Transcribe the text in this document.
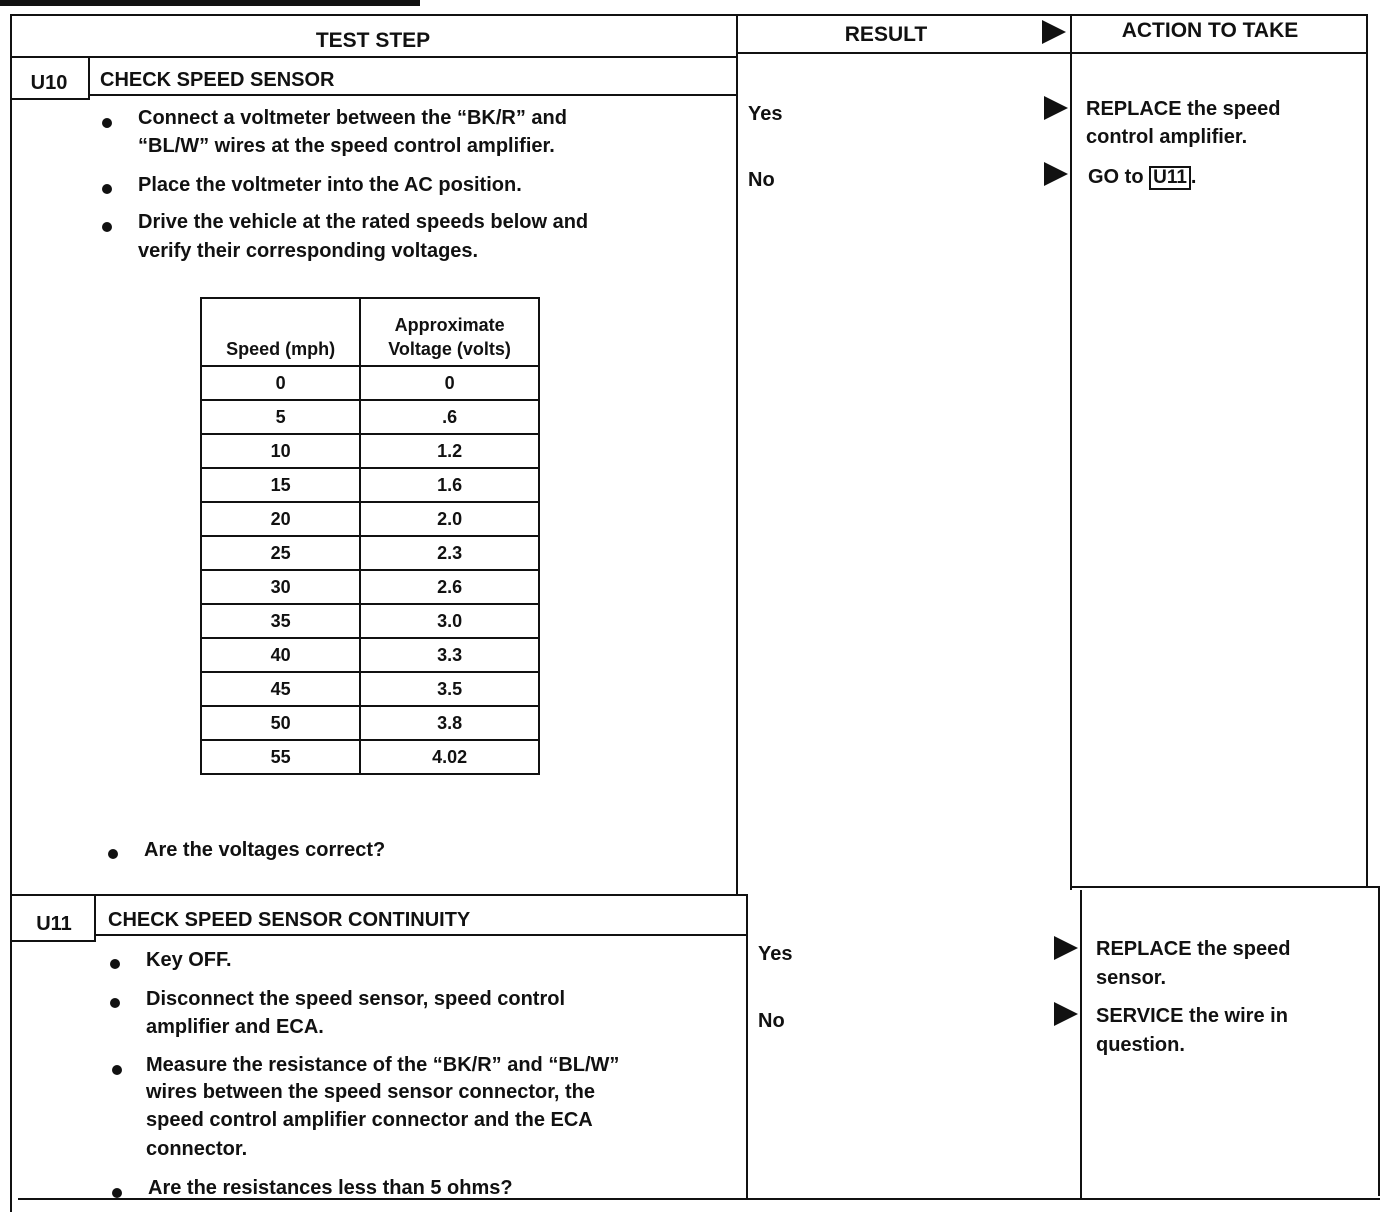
TEST STEP	RESULT	ACTION TO TAKE
U10	CHECK SPEED SENSOR
Connect a voltmeter between the “BK/R” and
“BL/W” wires at the speed control amplifier.
Place the voltmeter into the AC position.
Drive the vehicle at the rated speeds below and
verify their corresponding voltages.
Speed (mph)	Approximate
Voltage (volts)
0	0
5	.6
10	1.2
15	1.6
20	2.0
25	2.3
30	2.6
35	3.0
40	3.3
45	3.5
50	3.8
55	4.02
Are the voltages correct?
Yes	REPLACE the speed
control amplifier.
No	GO to U11 .
U11	CHECK SPEED SENSOR CONTINUITY
Key OFF.
Disconnect the speed sensor, speed control
amplifier and ECA.
Measure the resistance of the “BK/R” and “BL/W”
wires between the speed sensor connector, the
speed control amplifier connector and the ECA
connector.
Are the resistances less than 5 ohms?
Yes	REPLACE the speed
sensor.
No	SERVICE the wire in
question.
